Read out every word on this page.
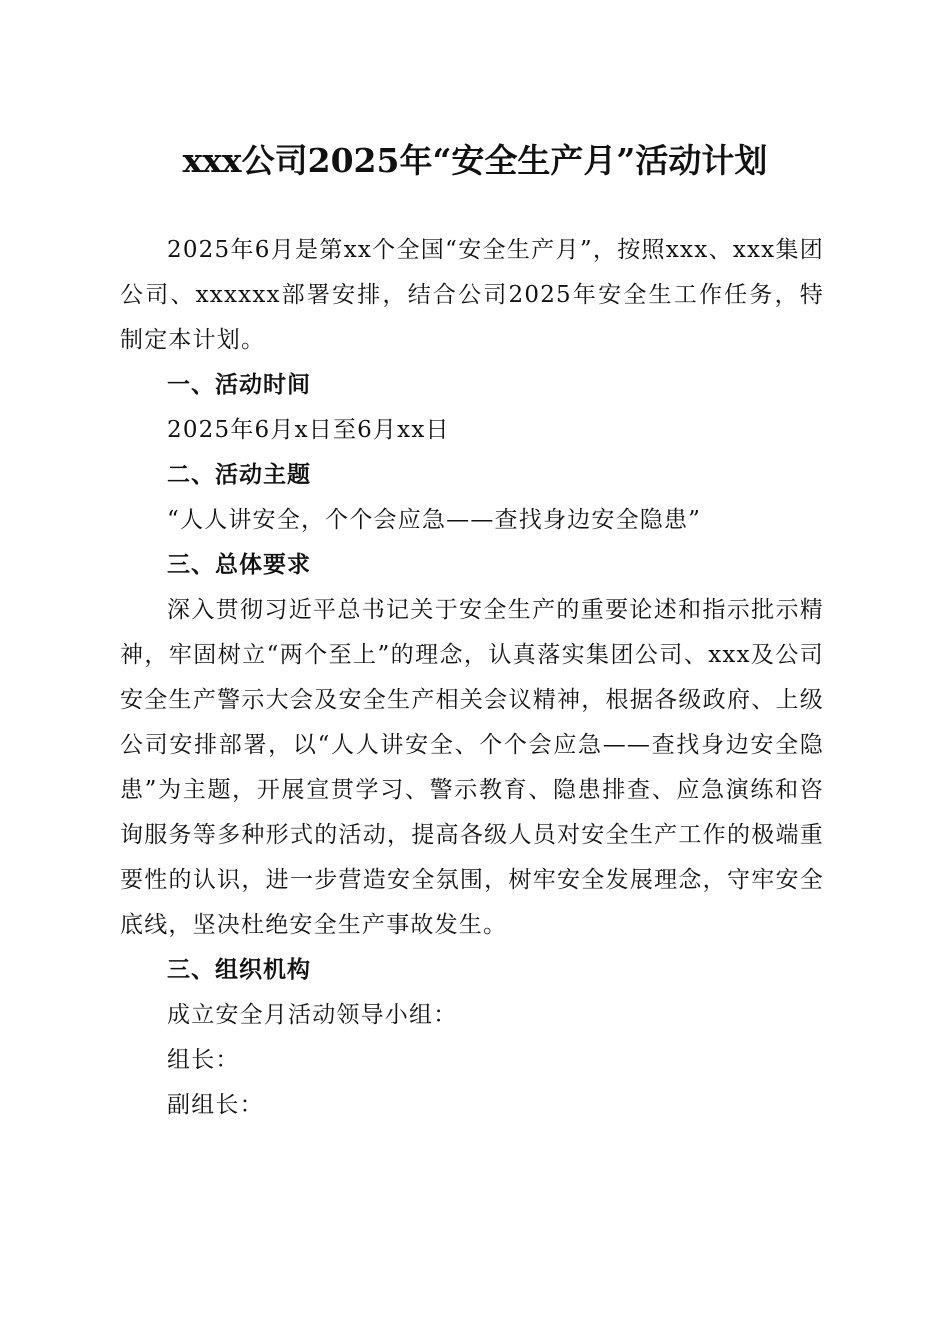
xxx公司2025年“安全生产月”活动计划

2025年6月是第xx个全国“安全生产月”，按照xxx、xxx集团公司、xxxxxx部署安排，结合公司2025年安全生工作任务，特制定本计划。

一、活动时间

2025年6月x日至6月xx日

二、活动主题

“人人讲安全，个个会应急——查找身边安全隐患”

三、总体要求

深入贯彻习近平总书记关于安全生产的重要论述和指示批示精神，牢固树立“两个至上”的理念，认真落实集团公司、xxx及公司安全生产警示大会及安全生产相关会议精神，根据各级政府、上级公司安排部署，以“人人讲安全、个个会应急——查找身边安全隐患”为主题，开展宣贯学习、警示教育、隐患排查、应急演练和咨询服务等多种形式的活动，提高各级人员对安全生产工作的极端重要性的认识，进一步营造安全氛围，树牢安全发展理念，守牢安全底线，坚决杜绝安全生产事故发生。

三、组织机构

成立安全月活动领导小组：

组长：

副组长：
